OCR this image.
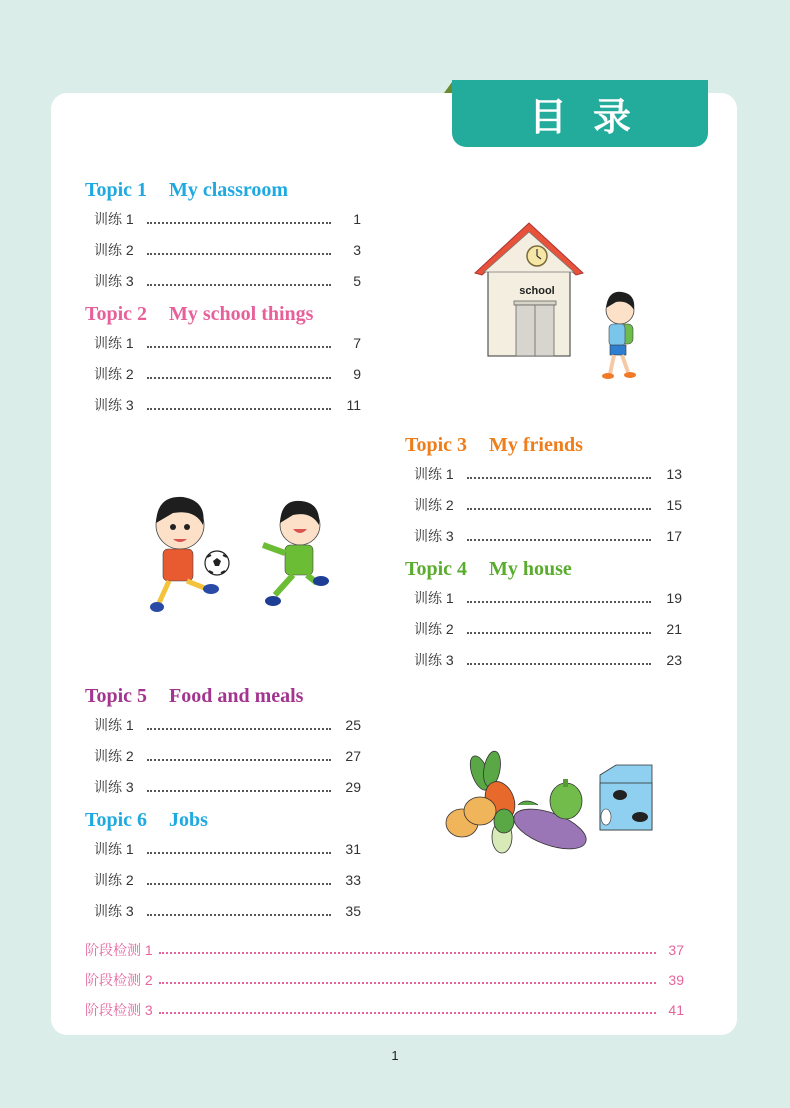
目录
Topic 1 My classroom
训练 1	1
训练 2	3
训练 3	5
Topic 2 My school things
训练 1	7
训练 2	9
训练 3	11
Topic 3 My friends
训练 1	13
训练 2	15
训练 3	17
Topic 4 My house
训练 1	19
训练 2	21
训练 3	23
Topic 5 Food and meals
训练 1	25
训练 2	27
训练 3	29
Topic 6 Jobs
训练 1	31
训练 2	33
训练 3	35
阶段检测 1	37
阶段检测 2	39
阶段检测 3	41
school
1
